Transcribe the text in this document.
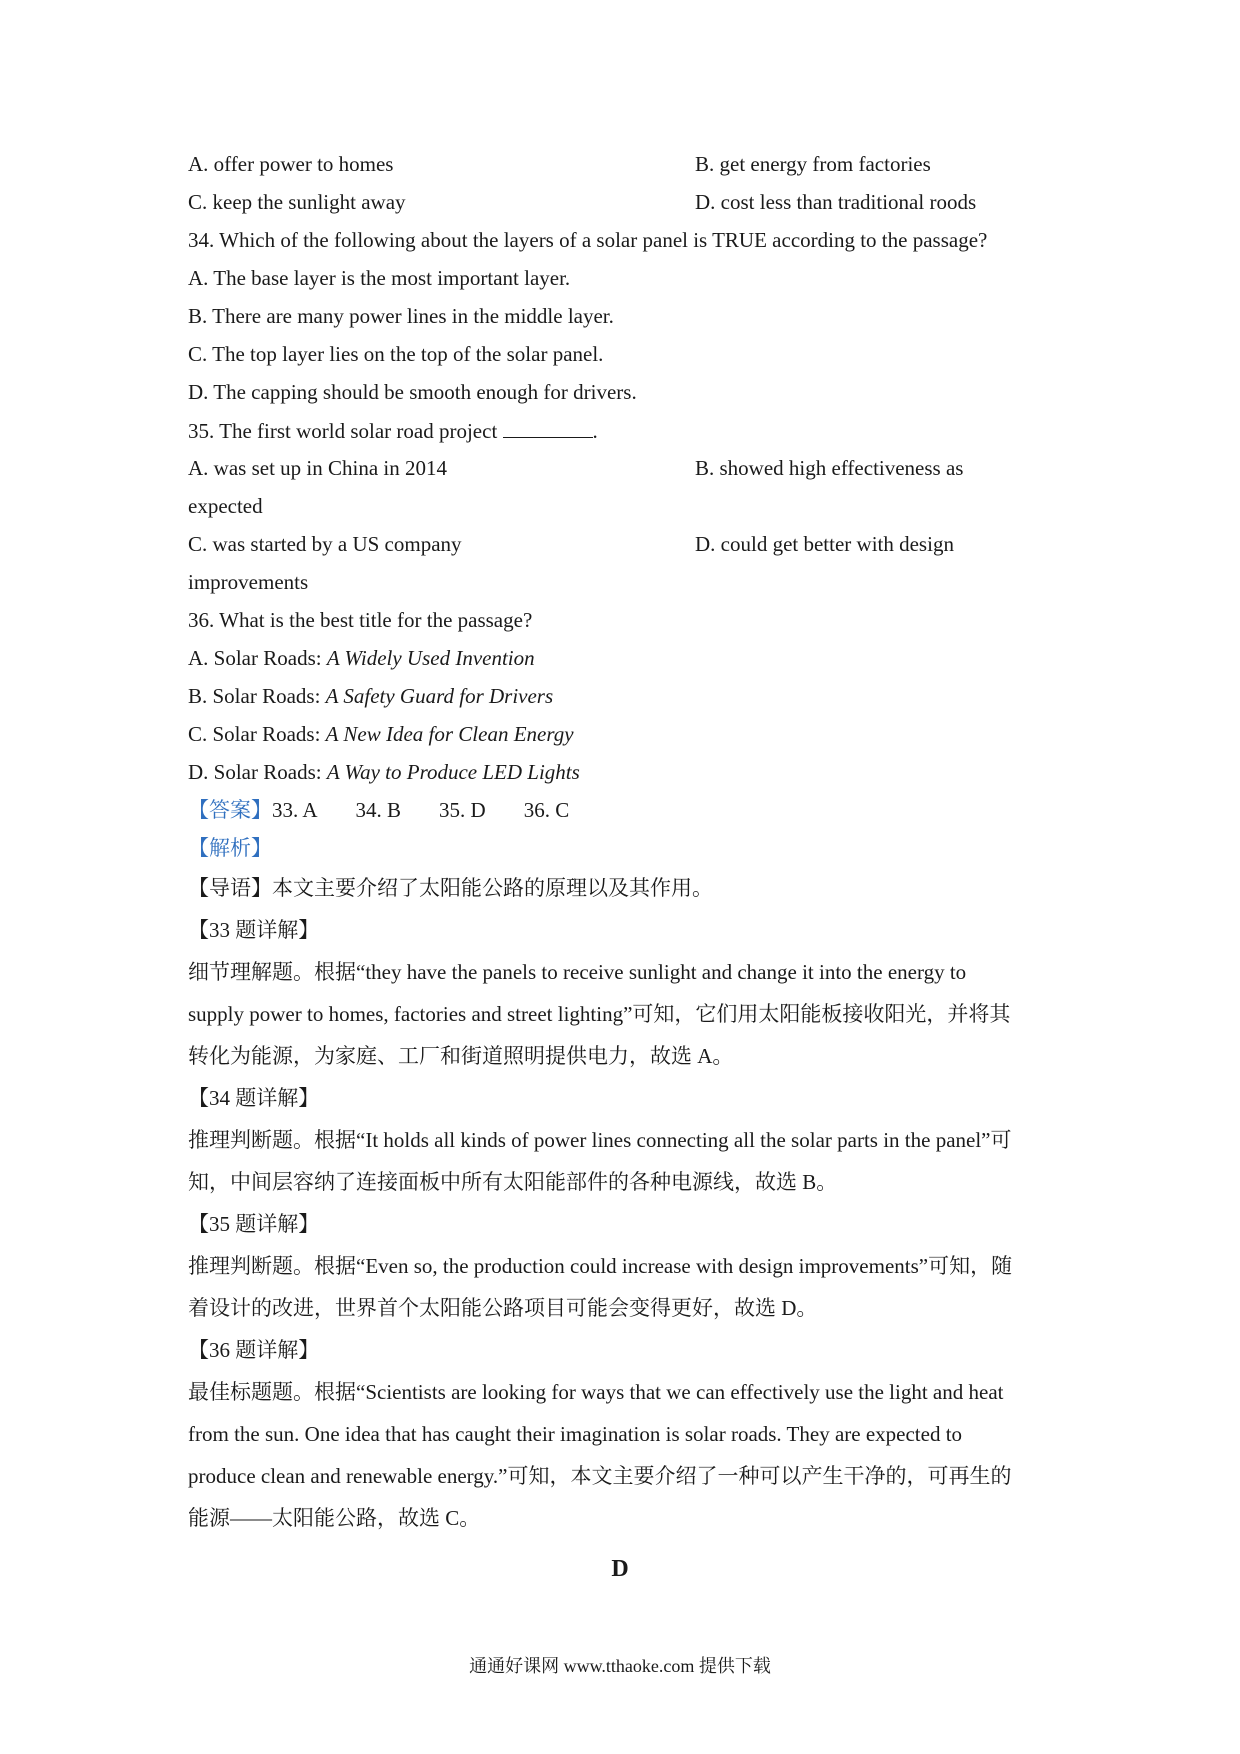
A. offer power to homes	B. get energy from factories
C. keep the sunlight away	D. cost less than traditional roods
34. Which of the following about the layers of a solar panel is TRUE according to the passage?
A. The base layer is the most important layer.
B. There are many power lines in the middle layer.
C. The top layer lies on the top of the solar panel.
D. The capping should be smooth enough for drivers.
35. The first world solar road project	.
A. was set up in China in 2014	B. showed high effectiveness as
expected
C. was started by a US company	D. could get better with design
improvements
36. What is the best title for the passage?
A. Solar Roads: A Widely Used Invention
B. Solar Roads: A Safety Guard for Drivers
C. Solar Roads: A New Idea for Clean Energy
D. Solar Roads: A Way to Produce LED Lights
【答案】33. A 34. B 35. D 36. C
【解析】
【导语】本文主要介绍了太阳能公路的原理以及其作用。
【33 题详解】
细节理解题。根据“they have the panels to receive sunlight and change it into the energy to
supply power to homes, factories and street lighting”可知，它们用太阳能板接收阳光，并将其
转化为能源，为家庭、工厂和街道照明提供电力，故选 A。
【34 题详解】
推理判断题。根据“It holds all kinds of power lines connecting all the solar parts in the panel”可
知，中间层容纳了连接面板中所有太阳能部件的各种电源线，故选 B。
【35 题详解】
推理判断题。根据“Even so, the production could increase with design improvements”可知，随
着设计的改进，世界首个太阳能公路项目可能会变得更好，故选 D。
【36 题详解】
最佳标题题。根据“Scientists are looking for ways that we can effectively use the light and heat
from the sun. One idea that has caught their imagination is solar roads. They are expected to
produce clean and renewable energy.”可知，本文主要介绍了一种可以产生干净的，可再生的
能源——太阳能公路，故选 C。
D
通通好课网 www.tthaoke.com 提供下载
